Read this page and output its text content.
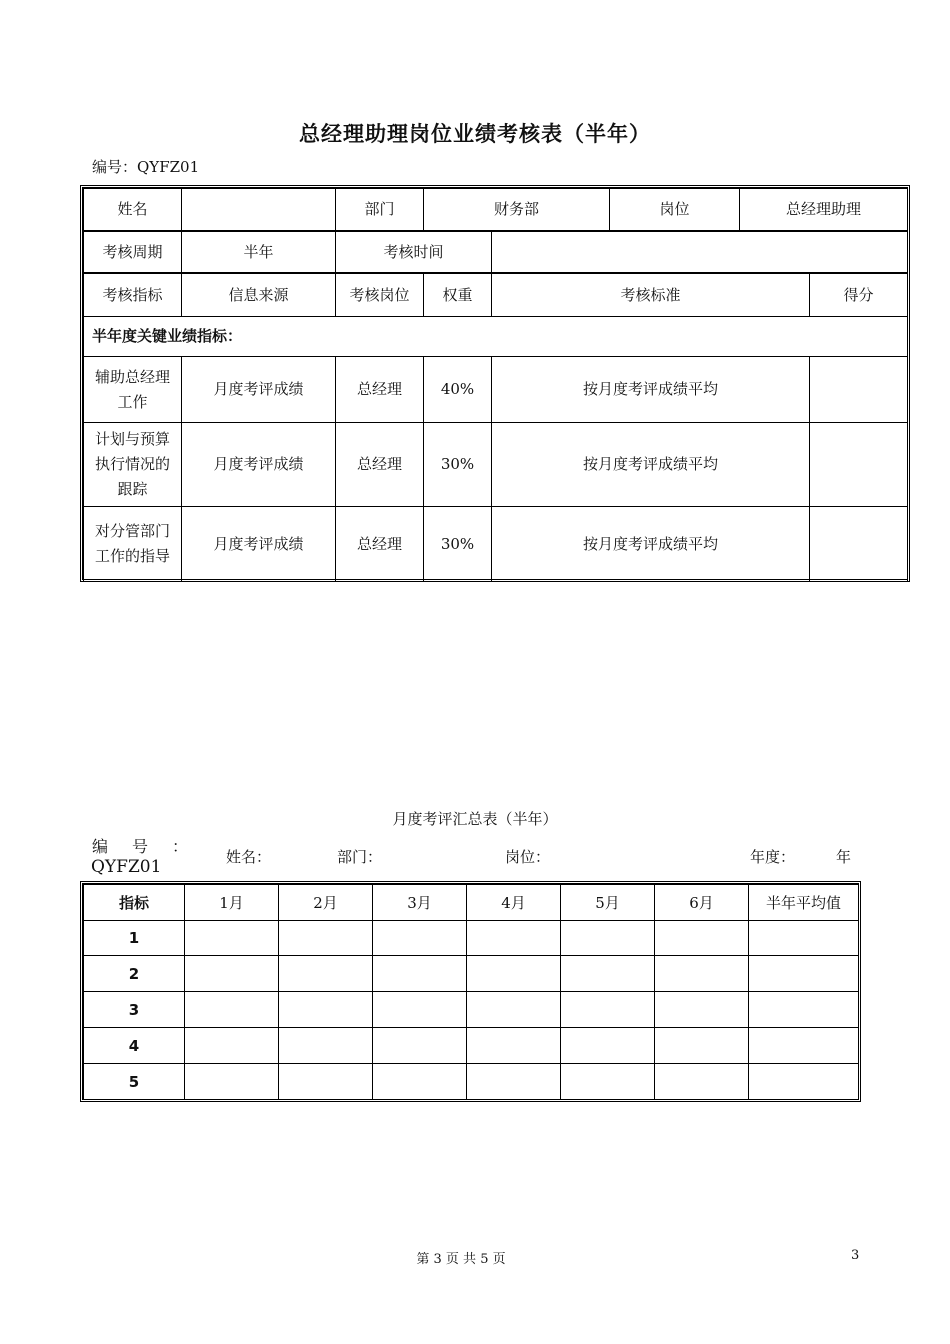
总经理助理岗位业绩考核表（半年）
编号：QYFZ01
姓名		部门	财务部	岗位	总经理助理
考核周期	半年	考核时间	
考核指标	信息来源	考核岗位	权重	考核标准	得分
半年度关键业绩指标：					
辅助总经理工作	月度考评成绩	总经理	40%	按月度考评成绩平均	
计划与预算执行情况的跟踪	月度考评成绩	总经理	30%	按月度考评成绩平均	
对分管部门工作的指导	月度考评成绩	总经理	30%	按月度考评成绩平均	
月度考评汇总表（半年）
编号：
QYFZ01	姓名：	部门：	岗位：	年度：	年
指标	1月	2月	3月	4月	5月	6月	半年平均值
1							
2							
3							
4							
5							
第 3 页 共 5 页	3
